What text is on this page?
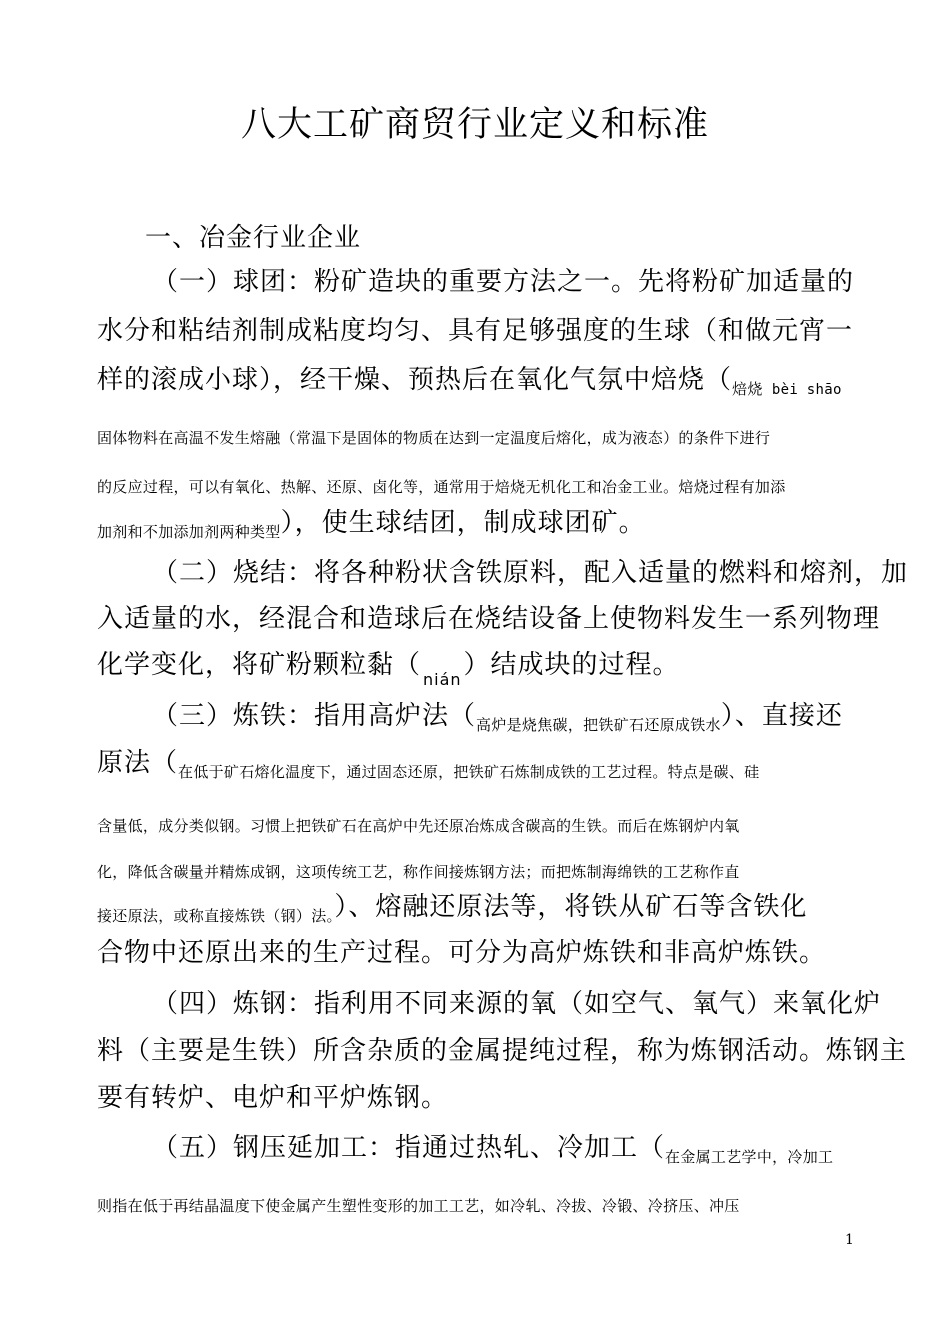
八大工矿商贸行业定义和标准
一、冶金行业企业
（一）球团：粉矿造块的重要方法之一。先将粉矿加适量的
水分和粘结剂制成粘度均匀、具有足够强度的生球（和做元宵一
样的滚成小球），经干燥、预热后在氧化气氛中焙烧（$_{焙烧}$ $_{bèi shāo}$
固体物料在高温不发生熔融（常温下是固体的物质在达到一定温度后熔化，成为液态）的条件下进行
的反应过程，可以有氧化、热解、还原、卤化等，通常用于焙烧无机化工和冶金工业。焙烧过程有加添
$_{加剂和不加添加剂两种类型}$），使生球结团，制成球团矿。
（二）烧结：将各种粉状含铁原料，配入适量的燃料和熔剂，加
入适量的水，经混合和造球后在烧结设备上使物料发生一系列物理
化学变化，将矿粉颗粒黏（ $_{nián}$）结成块的过程。
（三）炼铁：指用高炉法$(_{高炉是烧焦碳,把铁矿石还原成铁水})$、直接还
原法（$_{在低于矿石熔化温度下,通过固态还原,把铁矿石炼制成铁的工艺过程。特点是碳、硅}$
含量低，成分类似钢。习惯上把铁矿石在高炉中先还原冶炼成含碳高的生铁。而后在炼钢炉内氧
化，降低含碳量并精炼成钢，这项传统工艺，称作间接炼钢方法；而把炼制海绵铁的工艺称作直
$_{接还原法,或称直接炼铁(钢)法。}$）、熔融还原法等，将铁从矿石等含铁化
合物中还原出来的生产过程。可分为高炉炼铁和非高炉炼铁。
（四）炼钢：指利用不同来源的氧（如空气、氧气）来氧化炉
料（主要是生铁）所含杂质的金属提纯过程，称为炼钢活动。炼钢主
要有转炉、电炉和平炉炼钢。
（五）钢压延加工：指通过热轧、冷加工（$_{在金属工艺学中,冷加工}$
则指在低于再结晶温度下使金属产生塑性变形的加工工艺，如冷轧、冷拔、冷锻、冷挤压、冲压
1
